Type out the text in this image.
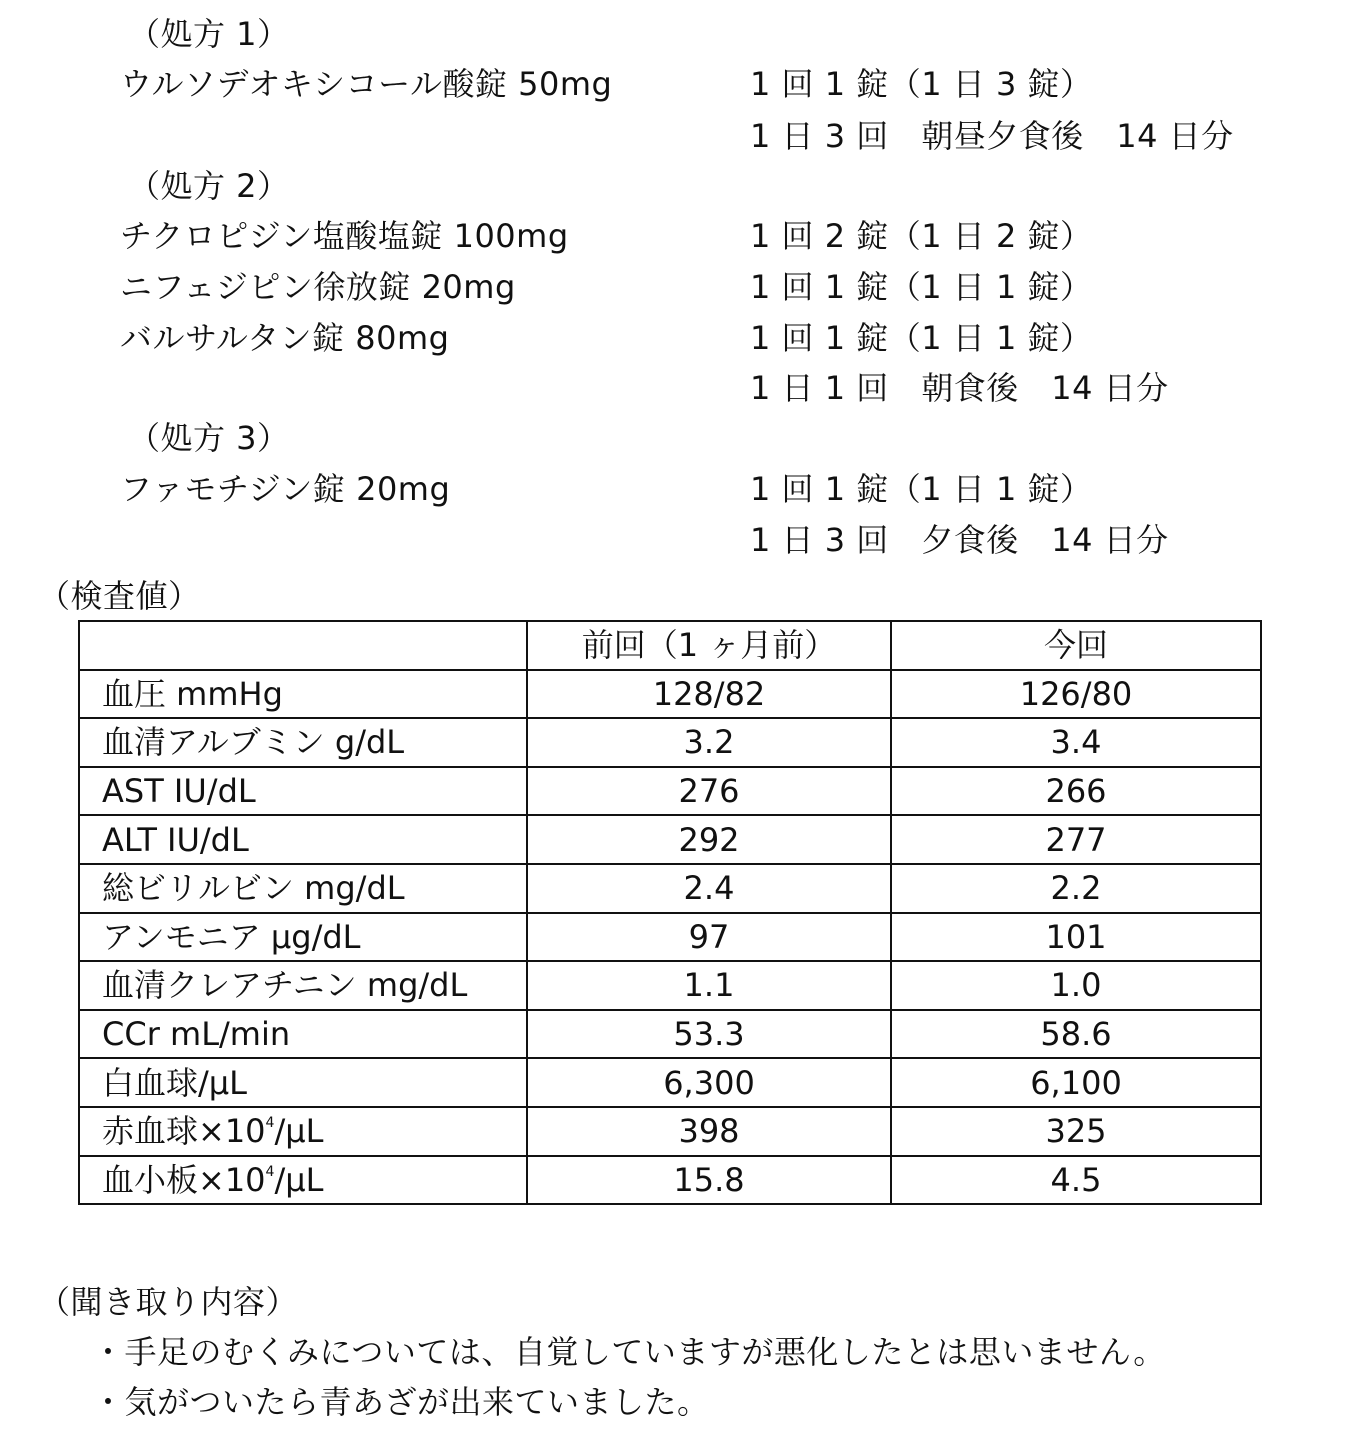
（処方 1）
ウルソデオキシコール酸錠 50mg	1 回 1 錠（1 日 3 錠）
1 日 3 回　朝昼夕食後　14 日分
（処方 2）
チクロピジン塩酸塩錠 100mg	1 回 2 錠（1 日 2 錠）
ニフェジピン徐放錠 20mg	1 回 1 錠（1 日 1 錠）
バルサルタン錠 80mg	1 回 1 錠（1 日 1 錠）
1 日 1 回　朝食後　14 日分
（処方 3）
ファモチジン錠 20mg	1 回 1 錠（1 日 1 錠）
1 日 3 回　夕食後　14 日分
（検査値）
	前回（1 ヶ月前）	今回
血圧 mmHg	128/82	126/80
血清アルブミン g/dL	3.2	3.4
AST IU/dL	276	266
ALT IU/dL	292	277
総ビリルビン mg/dL	2.4	2.2
アンモニア μg/dL	97	101
血清クレアチニン mg/dL	1.1	1.0
CCr mL/min	53.3	58.6
白血球/μL	6,300	6,100
赤血球$\times 10^4/\mu L$	398	325
血小板$\times 10^4/\mu L$	15.8	4.5
（聞き取り内容）
・手足のむくみについては、自覚していますが悪化したとは思いません。
・気がついたら青あざが出来ていました。
